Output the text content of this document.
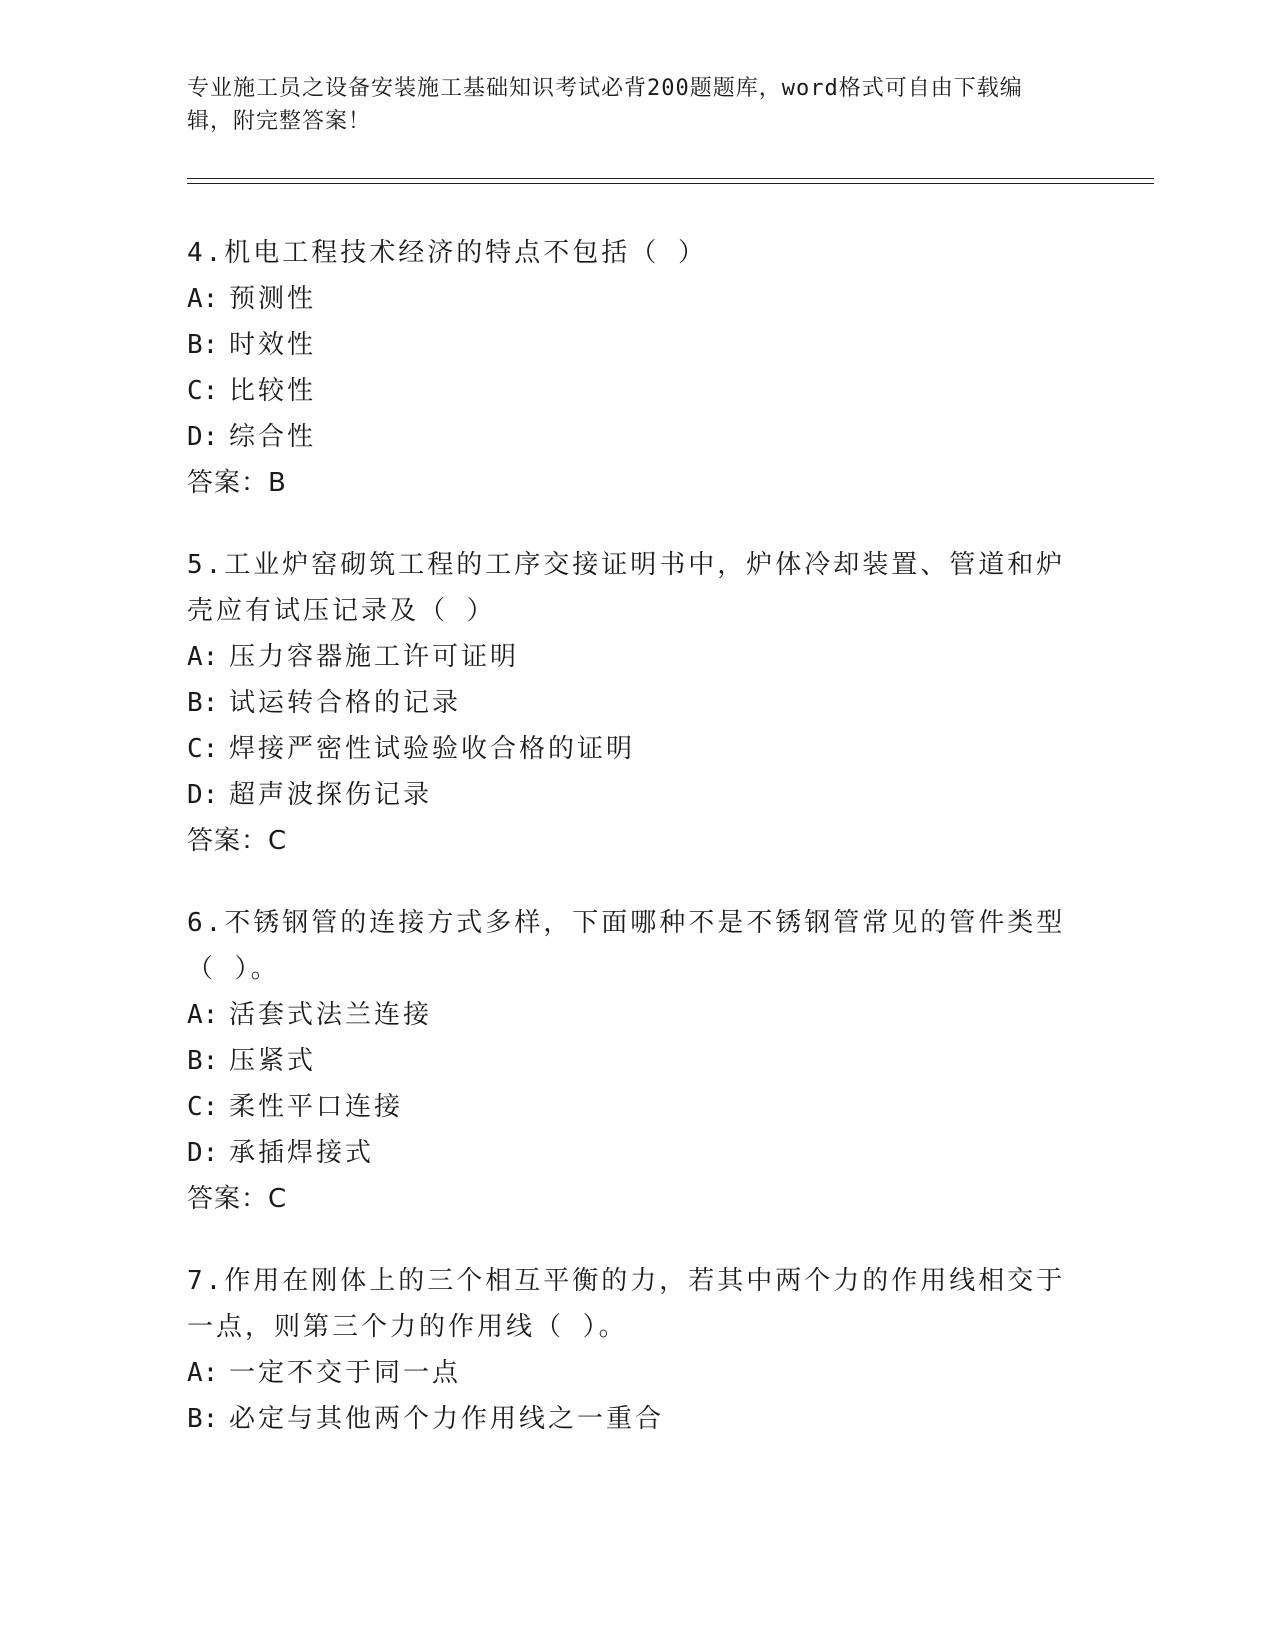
专业施工员之设备安装施工基础知识考试必背200题题库，word格式可自由下载编辑，附完整答案！

4.机电工程技术经济的特点不包括（ ）

A: 预测性

B: 时效性

C: 比较性

D: 综合性

答案：B

5.工业炉窑砌筑工程的工序交接证明书中，炉体冷却装置、管道和炉壳应有试压记录及（ ）

A: 压力容器施工许可证明

B: 试运转合格的记录

C: 焊接严密性试验验收合格的证明

D: 超声波探伤记录

答案：C

6.不锈钢管的连接方式多样，下面哪种不是不锈钢管常见的管件类型（ ）。

A: 活套式法兰连接

B: 压紧式

C: 柔性平口连接

D: 承插焊接式

答案：C

7.作用在刚体上的三个相互平衡的力，若其中两个力的作用线相交于一点，则第三个力的作用线（ ）。

A: 一定不交于同一点

B: 必定与其他两个力作用线之一重合
